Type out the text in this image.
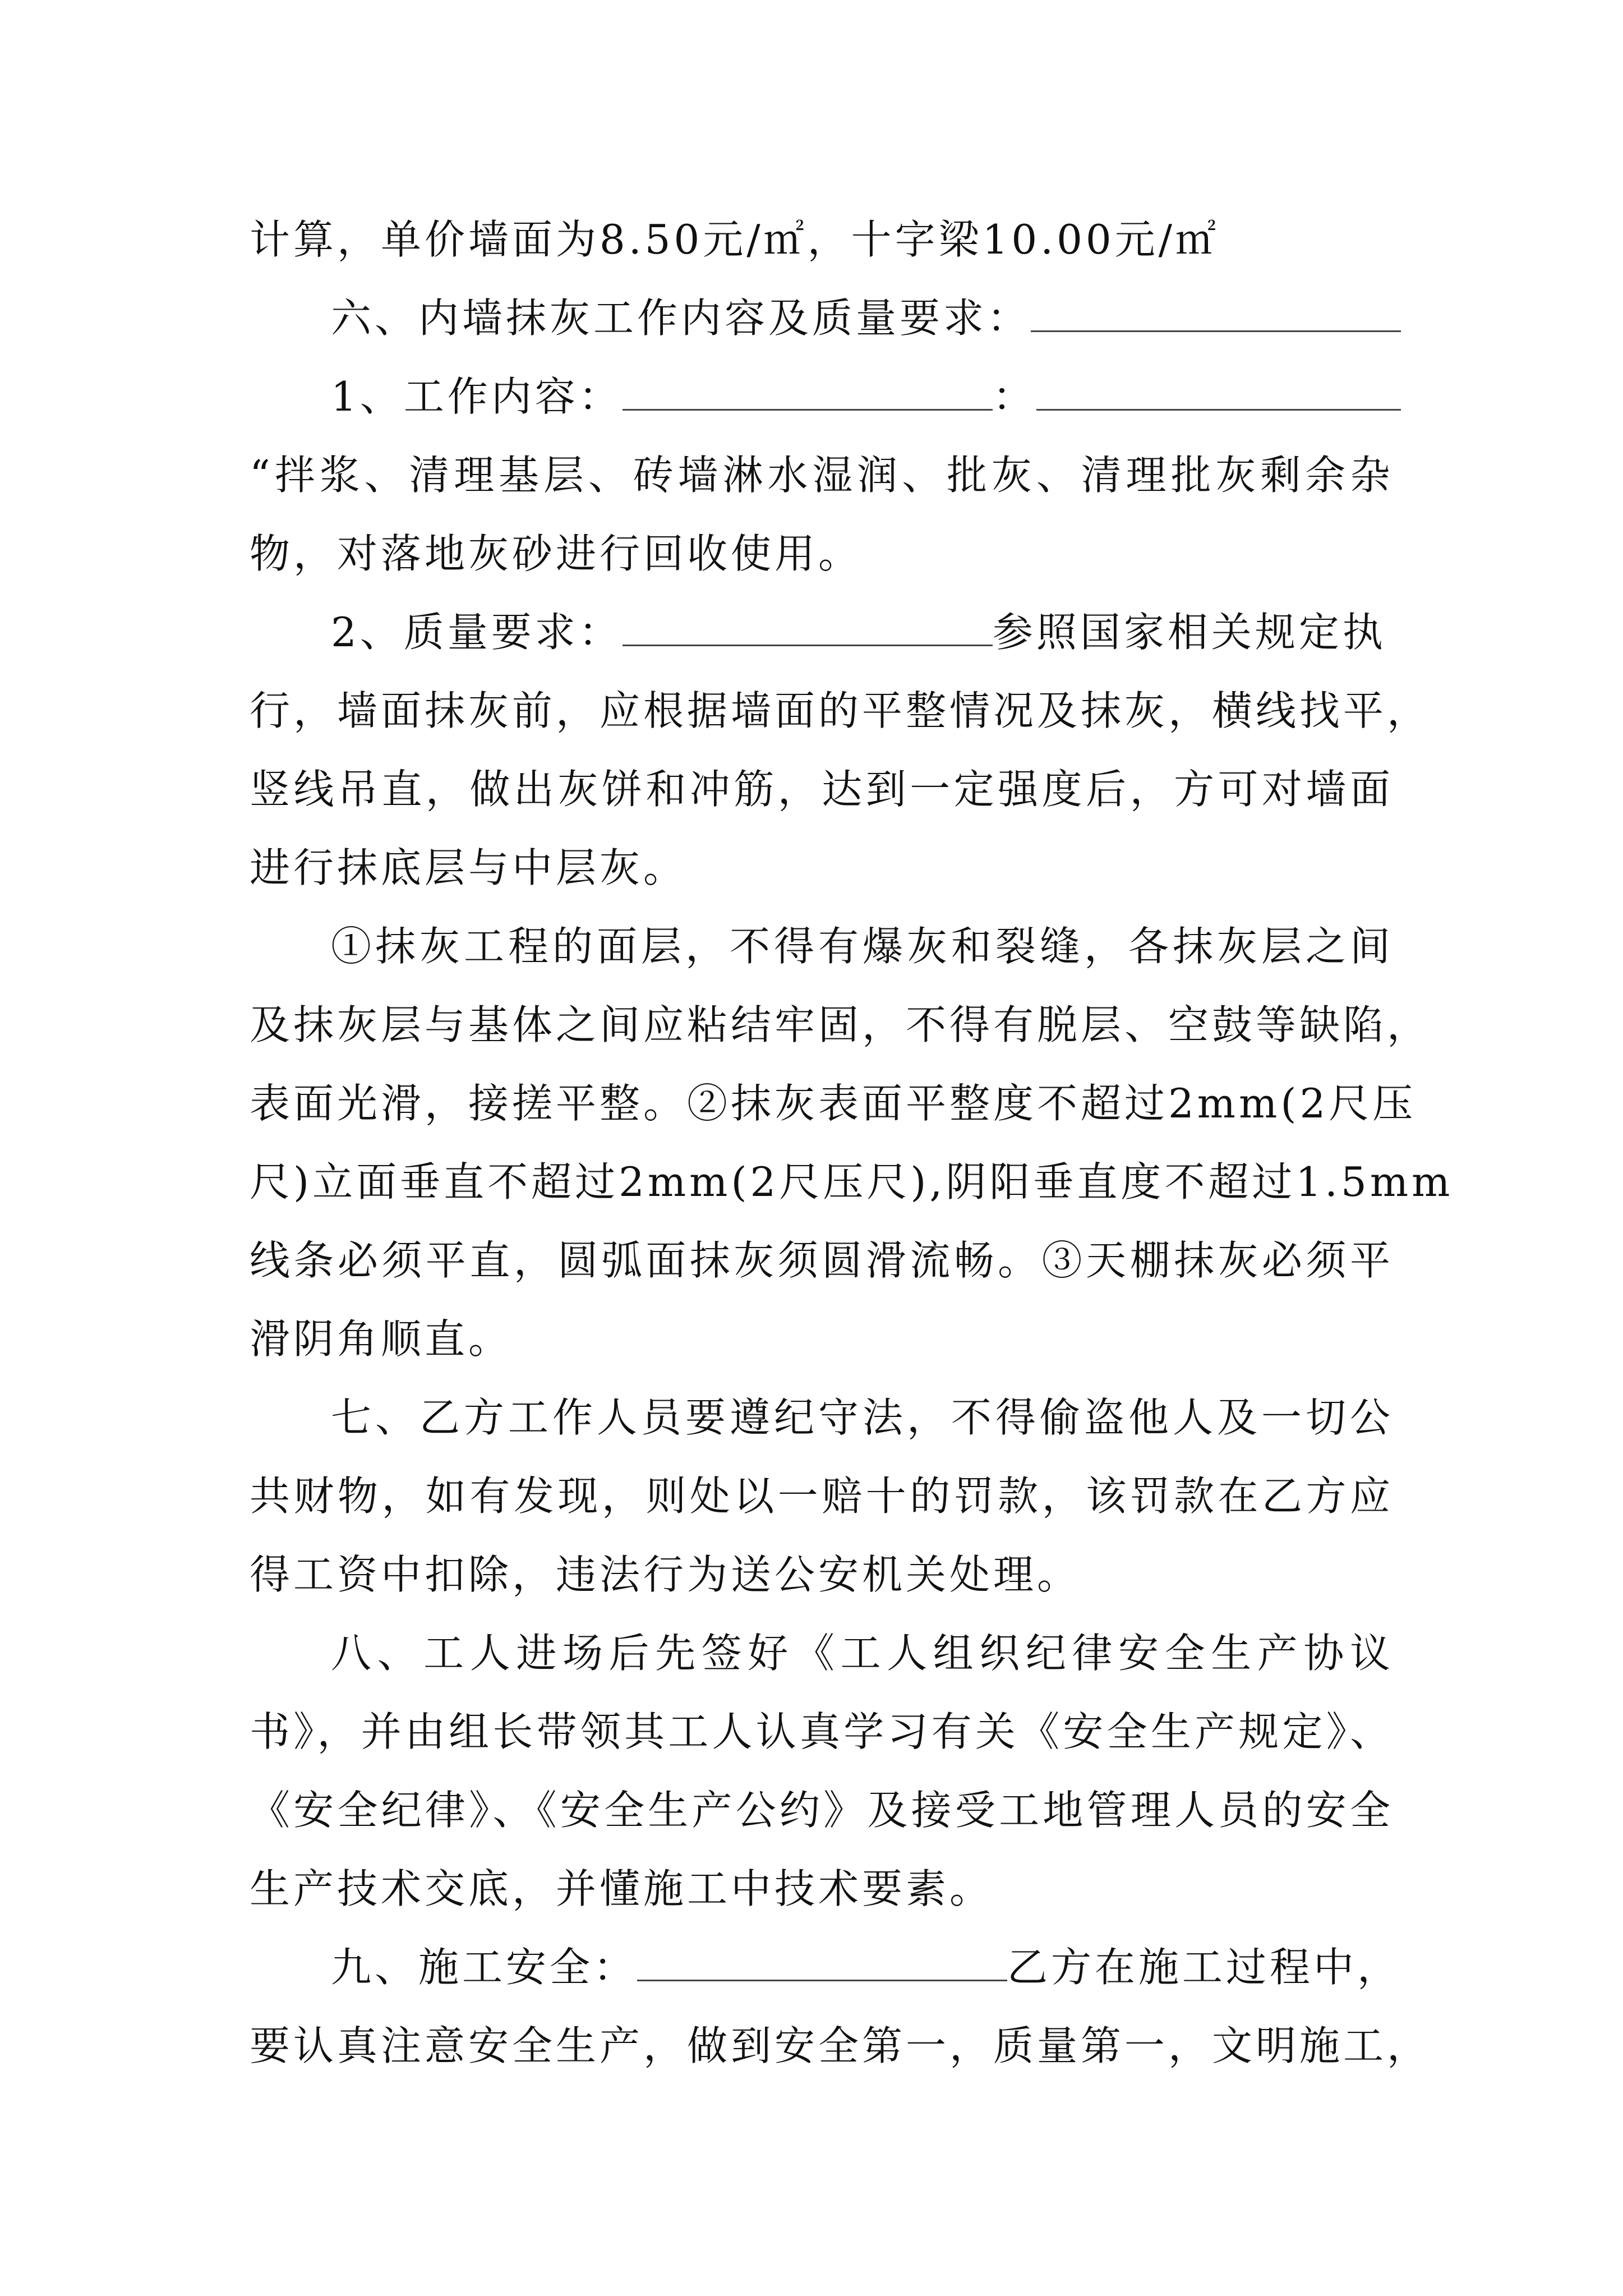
计算，单价墙面为8.50元/㎡，十字梁10.00元/㎡
六、内墙抹灰工作内容及质量要求：
1、工作内容：	：
“拌浆、清理基层、砖墙淋水湿润、批灰、清理批灰剩余杂
物，对落地灰砂进行回收使用。
2、质量要求：	参照国家相关规定执
行，墙面抹灰前，应根据墙面的平整情况及抹灰，横线找平，
竖线吊直，做出灰饼和冲筋，达到一定强度后，方可对墙面
进行抹底层与中层灰。
①抹灰工程的面层，不得有爆灰和裂缝，各抹灰层之间
及抹灰层与基体之间应粘结牢固，不得有脱层、空鼓等缺陷，
表面光滑，接搓平整。②抹灰表面平整度不超过2mm(2尺压
尺)立面垂直不超过2mm(2尺压尺),阴阳垂直度不超过1.5mm
线条必须平直，圆弧面抹灰须圆滑流畅。③天棚抹灰必须平
滑阴角顺直。
七、乙方工作人员要遵纪守法，不得偷盗他人及一切公
共财物，如有发现，则处以一赔十的罚款，该罚款在乙方应
得工资中扣除，违法行为送公安机关处理。
八、工人进场后先签好《工人组织纪律安全生产协议
书》，并由组长带领其工人认真学习有关《安全生产规定》、
《安全纪律》、《安全生产公约》及接受工地管理人员的安全
生产技术交底，并懂施工中技术要素。
九、施工安全：	乙方在施工过程中，
要认真注意安全生产，做到安全第一，质量第一，文明施工，
